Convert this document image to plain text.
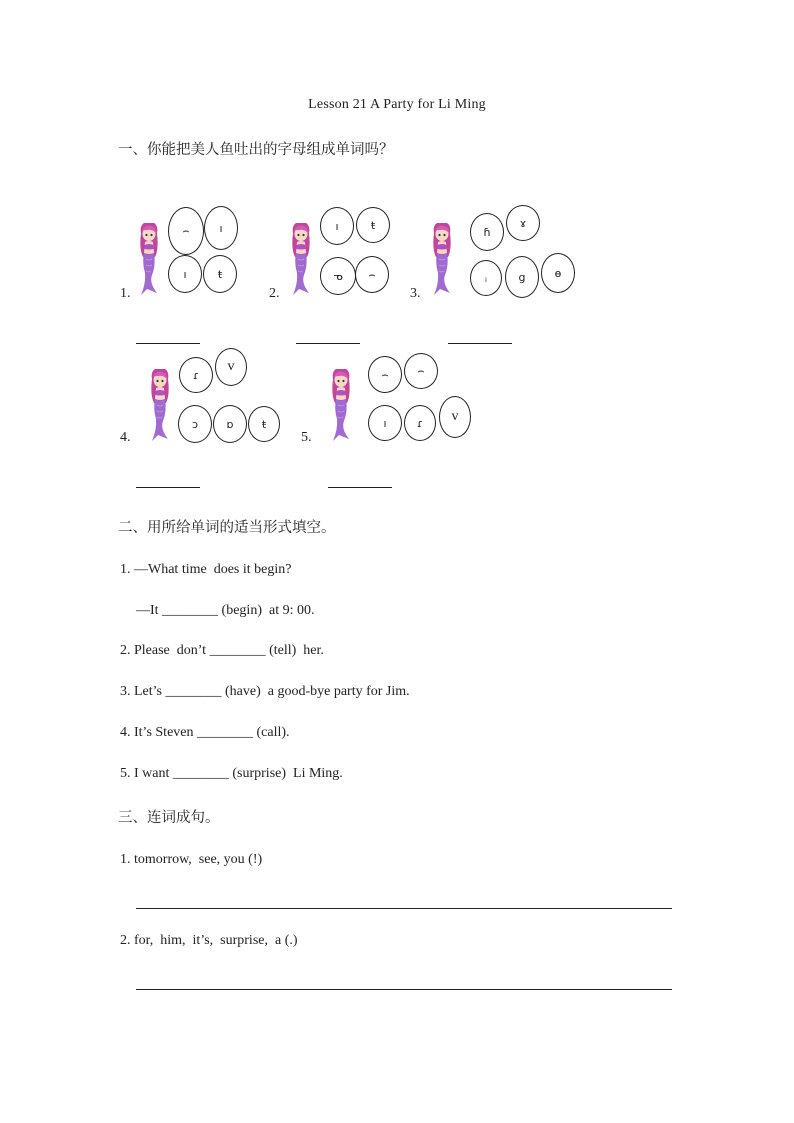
Lesson 21 A Party for Li Ming
一、你能把美人鱼吐出的字母组成单词吗？
1.
⌢	ı
ı	ŧ
2.
ı	ŧ
ᓀ	⌢
3.
ɦ
ɤ
ᵢ	g	ɵ
4.
ɾ
v
ɔ	ɒ	ŧ
5.
⌢	⌢
ı	ɾ	v
二、用所给单词的适当形式填空。
1. —What time  does it begin?
—It ________ (begin)  at 9: 00.
2. Please  don’t ________ (tell)  her.
3. Let’s ________ (have)  a good-bye party for Jim.
4. It’s Steven ________ (call).
5. I want ________ (surprise)  Li Ming.
三、连词成句。
1. tomorrow,  see, you (!)
2. for,  him,  it’s,  surprise,  a (.)
